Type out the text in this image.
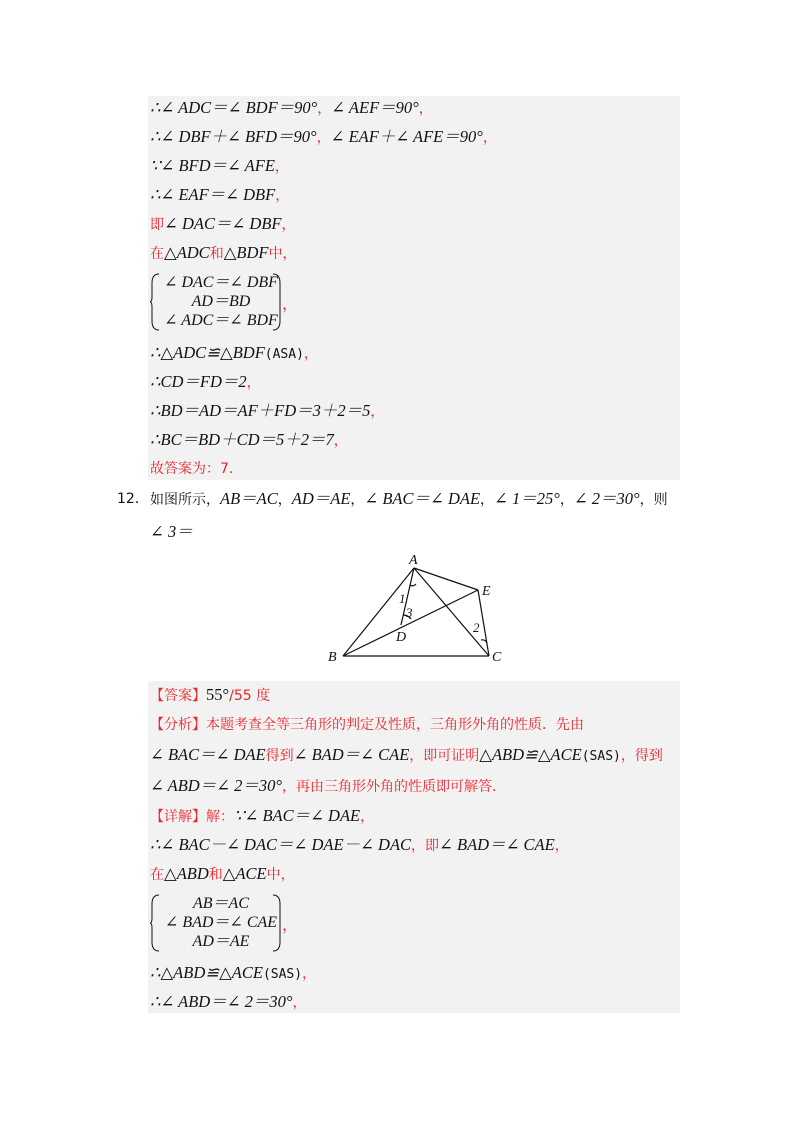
∴∠ ADC＝∠ BDF＝90°，∠ AEF＝90°，
∴∠ DBF＋∠ BFD＝90°，∠ EAF＋∠ AFE＝90°，
∵∠ BFD＝∠ AFE，
∴∠ EAF＝∠ DBF，
即∠ DAC＝∠ DBF，
在△ADC和△BDF中，
∠ DAC＝∠ DBF
AD＝BD
∠ ADC＝∠ BDF
，
∴△ADC≌△BDF(ASA)，
∴CD＝FD＝2，
∴BD＝AD＝AF＋FD＝3＋2＝5，
∴BC＝BD＋CD＝5＋2＝7，
故答案为：7.
12． 如图所示，AB＝AC，AD＝AE，∠ BAC＝∠ DAE，∠ 1＝25°，∠ 2＝30°，则
∠ 3＝
A
B	C
D
E
1
3
2
【答案】55°/55 度
【分析】本题考查全等三角形的判定及性质，三角形外角的性质．先由
∠ BAC＝∠ DAE得到∠ BAD＝∠ CAE，即可证明△ABD≌△ACE(SAS)，得到
∠ ABD＝∠ 2＝30°，再由三角形外角的性质即可解答．
【详解】解：∵∠ BAC＝∠ DAE，
∴∠ BAC－∠ DAC＝∠ DAE－∠ DAC，即∠ BAD＝∠ CAE，
在△ABD和△ACE中，
AB＝AC
∠ BAD＝∠ CAE
AD＝AE
，
∴△ABD≌△ACE(SAS)，
∴∠ ABD＝∠ 2＝30°，
